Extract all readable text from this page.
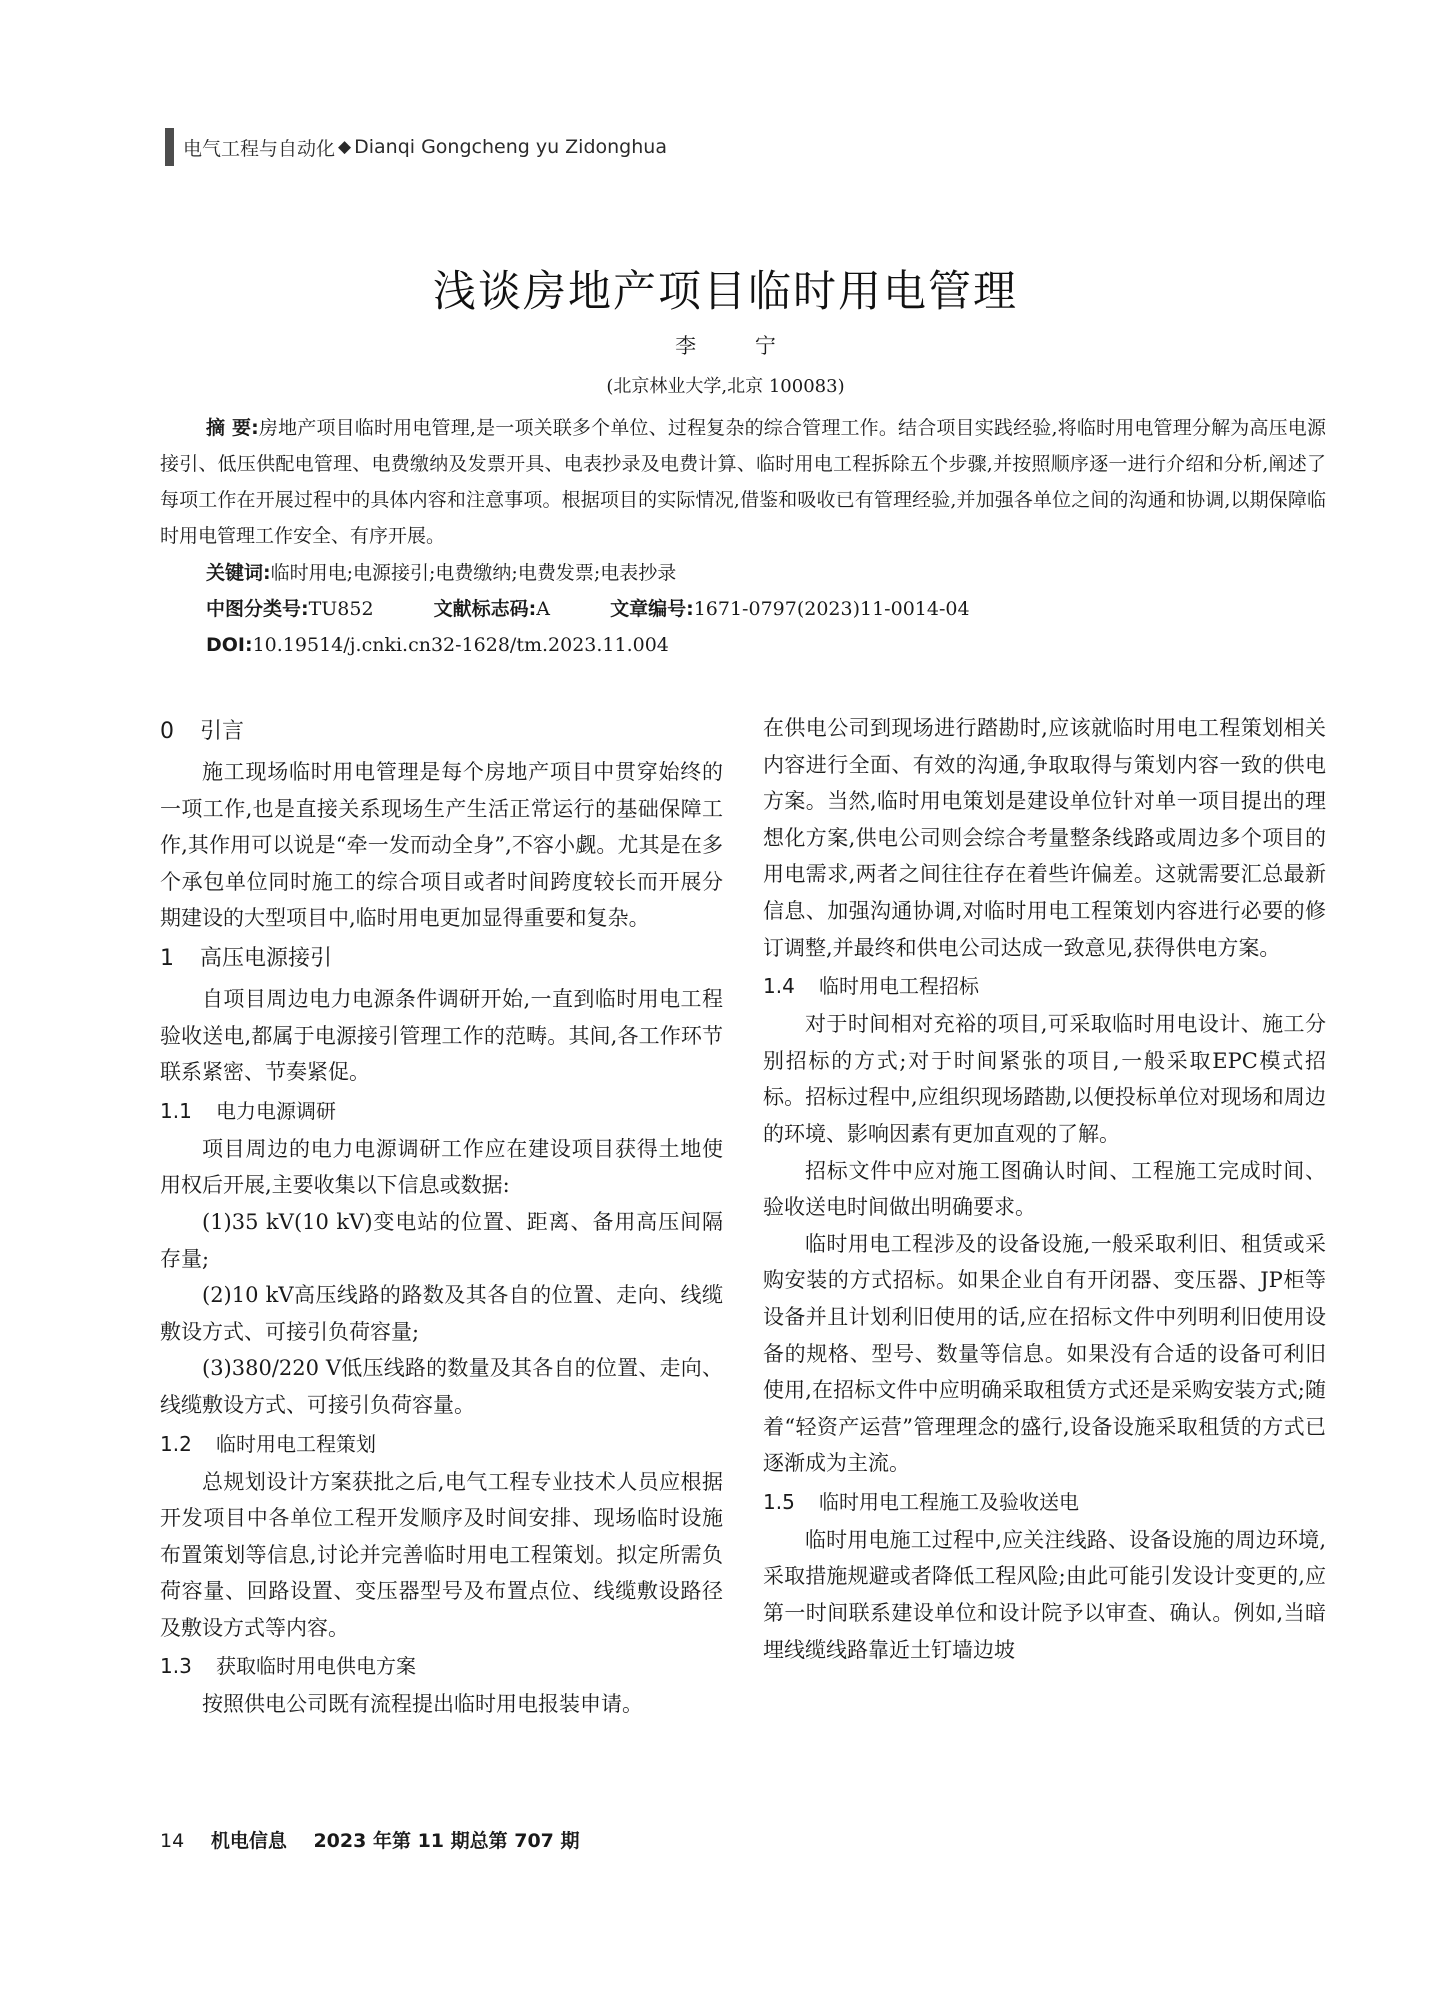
电气工程与自动化 ◆ Dianqi Gongcheng yu Zidonghua
浅谈房地产项目临时用电管理
李 宁
(北京林业大学,北京 100083)
摘 要:房地产项目临时用电管理,是一项关联多个单位、过程复杂的综合管理工作。结合项目实践经验,将临时用电管理分解为高压电源接引、低压供配电管理、电费缴纳及发票开具、电表抄录及电费计算、临时用电工程拆除五个步骤,并按照顺序逐一进行介绍和分析,阐述了每项工作在开展过程中的具体内容和注意事项。根据项目的实际情况,借鉴和吸收已有管理经验,并加强各单位之间的沟通和协调,以期保障临时用电管理工作安全、有序开展。
关键词:临时用电;电源接引;电费缴纳;电费发票;电表抄录
中图分类号:TU852	文献标志码:A	文章编号:1671-0797(2023)11-0014-04
DOI:10.19514/j.cnki.cn32-1628/tm.2023.11.004
0 引言

施工现场临时用电管理是每个房地产项目中贯穿始终的一项工作,也是直接关系现场生产生活正常运行的基础保障工作,其作用可以说是“牵一发而动全身”,不容小觑。尤其是在多个承包单位同时施工的综合项目或者时间跨度较长而开展分期建设的大型项目中,临时用电更加显得重要和复杂。

1 高压电源接引

自项目周边电力电源条件调研开始,一直到临时用电工程验收送电,都属于电源接引管理工作的范畴。其间,各工作环节联系紧密、节奏紧促。

1.1 电力电源调研

项目周边的电力电源调研工作应在建设项目获得土地使用权后开展,主要收集以下信息或数据:

(1)35 kV(10 kV)变电站的位置、距离、备用高压间隔存量;

(2)10 kV高压线路的路数及其各自的位置、走向、线缆敷设方式、可接引负荷容量;

(3)380/220 V低压线路的数量及其各自的位置、走向、线缆敷设方式、可接引负荷容量。

1.2 临时用电工程策划

总规划设计方案获批之后,电气工程专业技术人员应根据开发项目中各单位工程开发顺序及时间安排、现场临时设施布置策划等信息,讨论并完善临时用电工程策划。拟定所需负荷容量、回路设置、变压器型号及布置点位、线缆敷设路径及敷设方式等内容。

1.3 获取临时用电供电方案

按照供电公司既有流程提出临时用电报装申请。

在供电公司到现场进行踏勘时,应该就临时用电工程策划相关内容进行全面、有效的沟通,争取取得与策划内容一致的供电方案。当然,临时用电策划是建设单位针对单一项目提出的理想化方案,供电公司则会综合考量整条线路或周边多个项目的用电需求,两者之间往往存在着些许偏差。这就需要汇总最新信息、加强沟通协调,对临时用电工程策划内容进行必要的修订调整,并最终和供电公司达成一致意见,获得供电方案。

1.4 临时用电工程招标

对于时间相对充裕的项目,可采取临时用电设计、施工分别招标的方式;对于时间紧张的项目,一般采取EPC模式招标。招标过程中,应组织现场踏勘,以便投标单位对现场和周边的环境、影响因素有更加直观的了解。

招标文件中应对施工图确认时间、工程施工完成时间、验收送电时间做出明确要求。

临时用电工程涉及的设备设施,一般采取利旧、租赁或采购安装的方式招标。如果企业自有开闭器、变压器、JP柜等设备并且计划利旧使用的话,应在招标文件中列明利旧使用设备的规格、型号、数量等信息。如果没有合适的设备可利旧使用,在招标文件中应明确采取租赁方式还是采购安装方式;随着“轻资产运营”管理理念的盛行,设备设施采取租赁的方式已逐渐成为主流。

1.5 临时用电工程施工及验收送电

临时用电施工过程中,应关注线路、设备设施的周边环境,采取措施规避或者降低工程风险;由此可能引发设计变更的,应第一时间联系建设单位和设计院予以审查、确认。例如,当暗埋线缆线路靠近土钉墙边坡

14 机电信息 2023 年第 11 期总第 707 期
